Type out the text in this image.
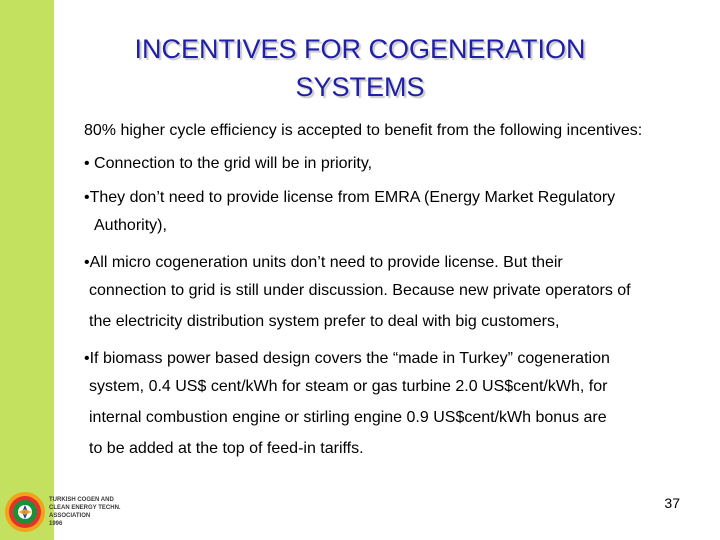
INCENTIVES FOR COGENERATION
SYSTEMS

80% higher cycle efficiency is accepted to benefit from the following incentives:

• Connection to the grid will be in priority,

•They don’t need to provide license from EMRA (Energy Market Regulatory
Authority),

•All micro cogeneration units don’t need to provide license. But their
connection to grid is still under discussion. Because new private operators of
the electricity distribution system prefer to deal with big customers,

•If biomass power based design covers the “made in Turkey” cogeneration
system, 0.4 US$ cent/kWh for steam or gas turbine 2.0 US$cent/kWh, for
internal combustion engine or stirling engine 0.9 US$cent/kWh bonus are
to be added at the top of feed-in tariffs.

TURKISH COGEN AND
CLEAN ENERGY TECHN.
ASSOCIATION
1996
37
